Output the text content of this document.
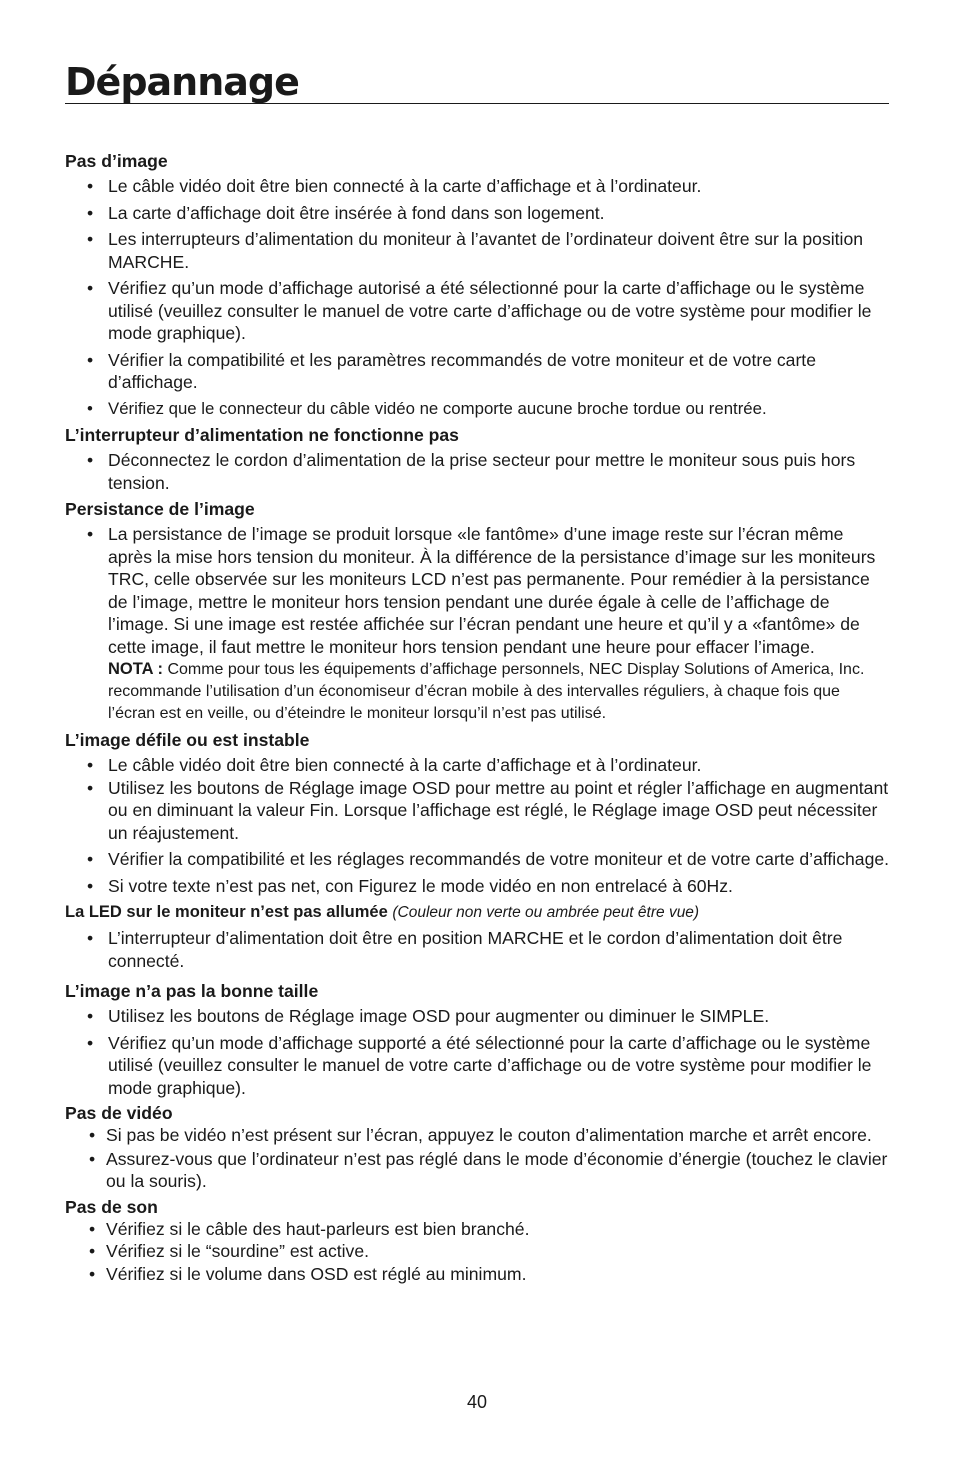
Dépannage
Pas d’image
• Le câble vidéo doit être bien connecté à la carte d’affichage et à l’ordinateur.
• La carte d’affichage doit être insérée à fond dans son logement.
• Les interrupteurs d’alimentation du moniteur à l’avantet de l’ordinateur doivent être sur la position MARCHE.
• Vérifiez qu’un mode d’affichage autorisé a été sélectionné pour la carte d’affichage ou le système utilisé (veuillez consulter le manuel de votre carte d’affichage ou de votre système pour modifier le mode graphique).
• Vérifier la compatibilité et les paramètres recommandés de votre moniteur et de votre carte d’affichage.
• Vérifiez que le connecteur du câble vidéo ne comporte aucune broche tordue ou rentrée.
L’interrupteur d’alimentation ne fonctionne pas
• Déconnectez le cordon d’alimentation de la prise secteur pour mettre le moniteur sous puis hors tension.
Persistance de l’image
• La persistance de l’image se produit lorsque «le fantôme» d’une image reste sur l’écran même après la mise hors tension du moniteur. À la différence de la persistance d’image sur les moniteurs TRC, celle observée sur les moniteurs LCD n’est pas permanente. Pour remédier à la persistance de l’image, mettre le moniteur hors tension pendant une durée égale à celle de l’affichage de l’image. Si une image est restée affichée sur l’écran pendant une heure et qu’il y a «fantôme» de cette image, il faut mettre le moniteur hors tension pendant une heure pour effacer l’image.
NOTA : Comme pour tous les équipements d’affichage personnels, NEC Display Solutions of America, Inc. recommande l’utilisation d’un économiseur d’écran mobile à des intervalles réguliers, à chaque fois que l’écran est en veille, ou d’éteindre le moniteur lorsqu’il n’est pas utilisé.
L’image défile ou est instable
• Le câble vidéo doit être bien connecté à la carte d’affichage et à l’ordinateur.
• Utilisez les boutons de Réglage image OSD pour mettre au point et régler l’affichage en augmentant ou en diminuant la valeur Fin. Lorsque l’affichage est réglé, le Réglage image OSD peut nécessiter un réajustement.
• Vérifier la compatibilité et les réglages recommandés de votre moniteur et de votre carte d’affichage.
• Si votre texte n’est pas net, con Figurez le mode vidéo en non entrelacé à 60Hz.
La LED sur le moniteur n’est pas allumée (Couleur non verte ou ambrée peut être vue)
• L’interrupteur d’alimentation doit être en position MARCHE et le cordon d’alimentation doit être connecté.
L’image n’a pas la bonne taille
• Utilisez les boutons de Réglage image OSD pour augmenter ou diminuer le SIMPLE.
• Vérifiez qu’un mode d’affichage supporté a été sélectionné pour la carte d’affichage ou le système utilisé (veuillez consulter le manuel de votre carte d’affichage ou de votre système pour modifier le mode graphique).
Pas de vidéo
• Si pas be vidéo n’est présent sur l’écran, appuyez le couton d’alimentation marche et arrêt encore.
• Assurez-vous que l’ordinateur n’est pas réglé dans le mode d’économie d’énergie (touchez le clavier ou la souris).
Pas de son
• Vérifiez si le câble des haut-parleurs est bien branché.
• Vérifiez si le “sourdine” est active.
• Vérifiez si le volume dans OSD est réglé au minimum.
40
